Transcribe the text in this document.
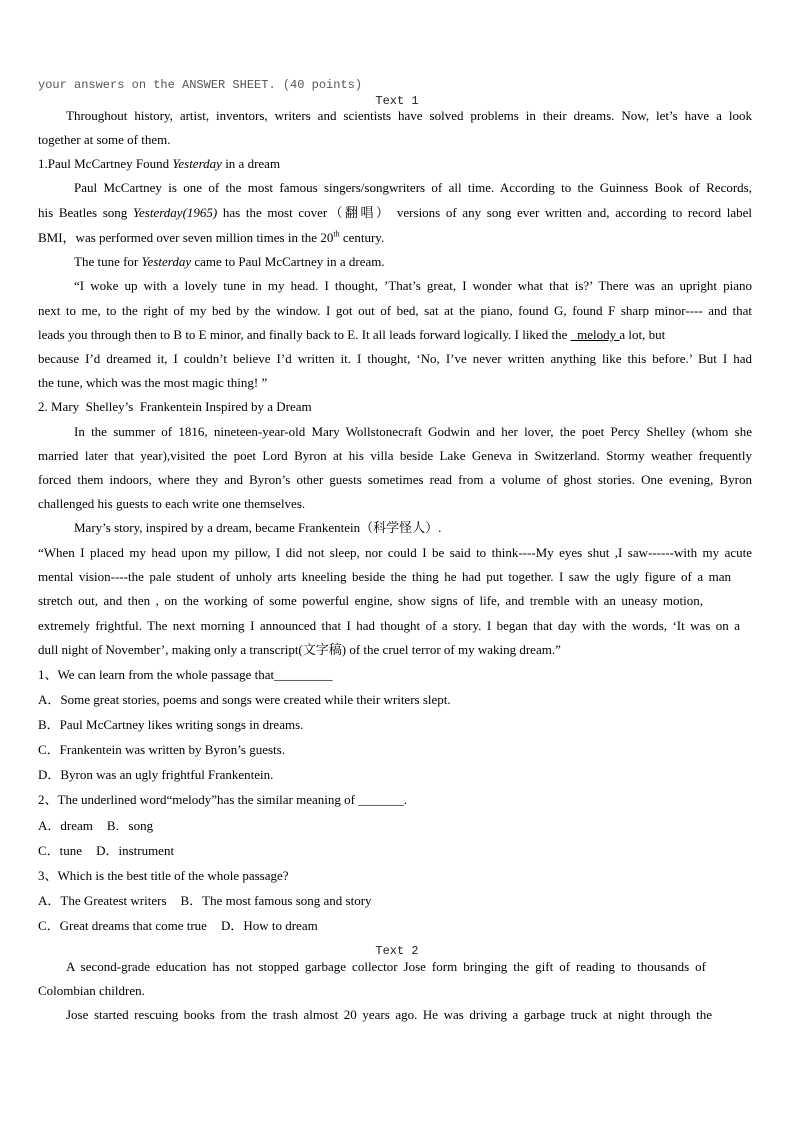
your answers on the ANSWER SHEET. (40 points)
Text 1
Throughout history, artist, inventors, writers and scientists have solved problems in their dreams. Now, let’s have a look
together at some of them.
1.Paul McCartney Found Yesterday in a dream
Paul McCartney is one of the most famous singers/songwriters of all time. According to the Guinness Book of Records,
his Beatles song Yesterday(1965) has the most cover（翻唱） versions of any song ever written and, according to record label
BMI，was performed over seven million times in the 20th century.
The tune for Yesterday came to Paul McCartney in a dream.
“I woke up with a lovely tune in my head. I thought, ’That’s great, I wonder what that is?’ There was an upright piano
next to me, to the right of my bed by the window. I got out of bed, sat at the piano, found G, found F sharp minor---- and that
leads you through then to B to E minor, and finally back to E. It all leads forward logically. I liked the _melody a lot, but
because I’d dreamed it, I couldn’t believe I’d written it. I thought, ‘No, I’ve never written anything like this before.’ But I had
the tune, which was the most magic thing! ”
2. Mary  Shelley’s  Frankentein Inspired by a Dream
In the summer of 1816, nineteen-year-old Mary Wollstonecraft Godwin and her lover, the poet Percy Shelley (whom she
married later that year),visited the poet Lord Byron at his villa beside Lake Geneva in Switzerland. Stormy weather frequently
forced them indoors, where they and Byron’s other guests sometimes read from a volume of ghost stories. One evening, Byron
challenged his guests to each write one themselves.
Mary’s story, inspired by a dream, became Frankentein（科学怪人）.
“When I placed my head upon my pillow, I did not sleep, nor could I be said to think----My eyes shut ,I saw------with my acute
mental vision----the pale student of unholy arts kneeling beside the thing he had put together. I saw the ugly figure of a man
stretch out, and then , on the working of some powerful engine, show signs of life, and tremble with an uneasy motion,
extremely frightful. The next morning I announced that I had thought of a story. I began that day with the words, ‘It was on a
dull night of November’, making only a transcript(文字稿) of the cruel terror of my waking dream.”
1、We can learn from the whole passage that_________
A．Some great stories, poems and songs were created while their writers slept.
B．Paul McCartney likes writing songs in dreams.
C．Frankentein was written by Byron’s guests.
D．Byron was an ugly frightful Frankentein.
2、The underlined word“melody”has the similar meaning of _______.
A．dream B．song
C．tune D．instrument
3、Which is the best title of the whole passage?
A．The Greatest writers B．The most famous song and story
C．Great dreams that come true D．How to dream
Text 2
A second-grade education has not stopped garbage collector Jose form bringing the gift of reading to thousands of
Colombian children.
Jose started rescuing books from the trash almost 20 years ago. He was driving a garbage truck at night through the
